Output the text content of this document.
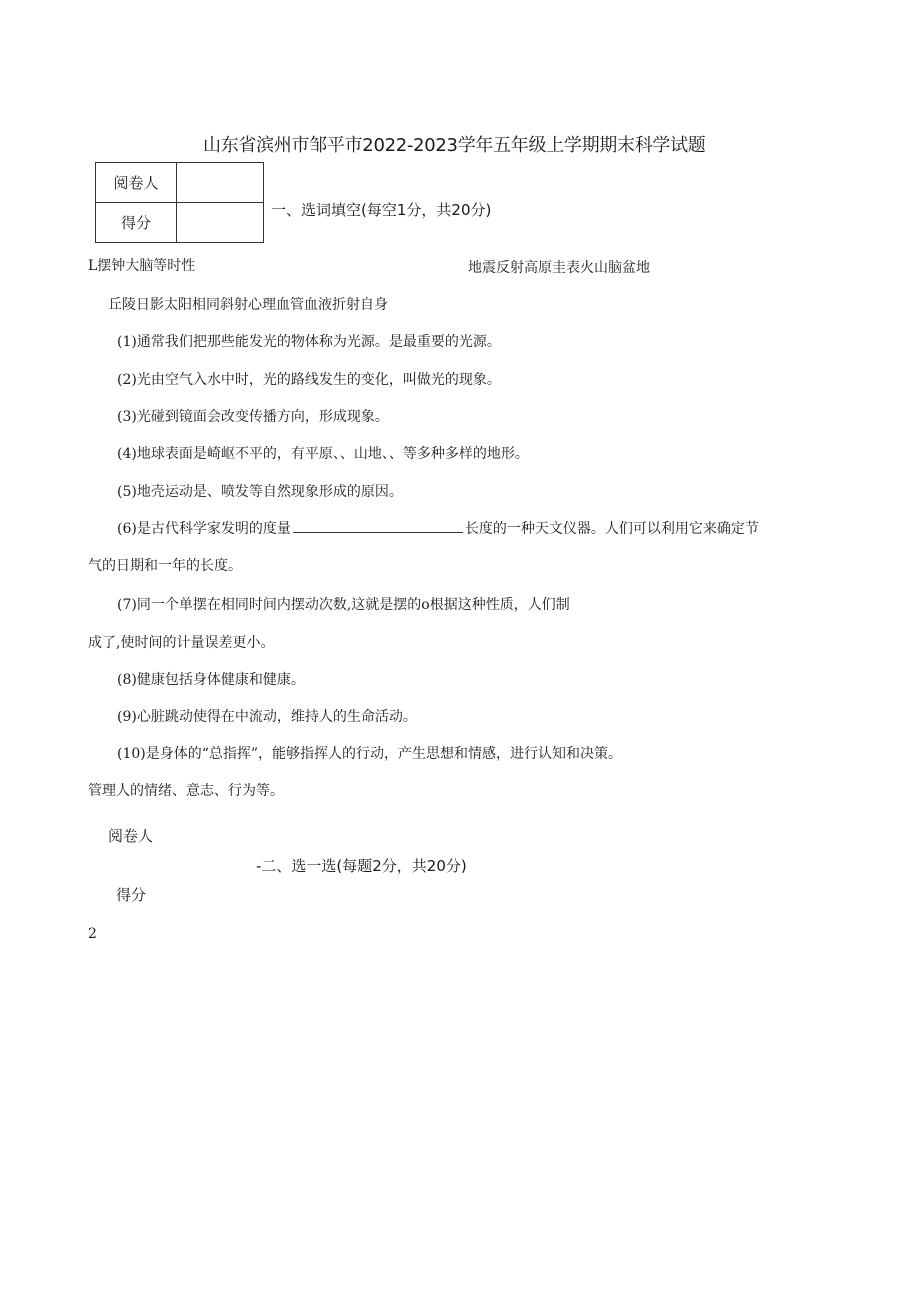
山东省滨州市邹平市2022-2023学年五年级上学期期末科学试题
阅卷人	
得分	
一、选词填空(每空1分，共20分)
L摆钟大脑等时性	地震反射高原圭表火山脑盆地
丘陵日影太阳相同斜射心理血管血液折射自身
(1)通常我们把那些能发光的物体称为光源。是最重要的光源。
(2)光由空气入水中时，光的路线发生的变化，叫做光的现象。
(3)光碰到镜面会改变传播方向，形成现象。
(4)地球表面是崎岖不平的，有平原、、山地、、等多种多样的地形。
(5)地壳运动是、喷发等自然现象形成的原因。
(6)是古代科学家发明的度量	长度的一种天文仪器。人们可以利用它来确定节
气的日期和一年的长度。
(7)同一个单摆在相同时间内摆动次数,这就是摆的o根据这种性质，人们制
成了,使时间的计量误差更小。
(8)健康包括身体健康和健康。
(9)心脏跳动使得在中流动，维持人的生命活动。
(10)是身体的“总指挥”，能够指挥人的行动，产生思想和情感，进行认知和决策。
管理人的情绪、意志、行为等。
阅卷人
-二、选一选(每题2分，共20分)
得分
2
